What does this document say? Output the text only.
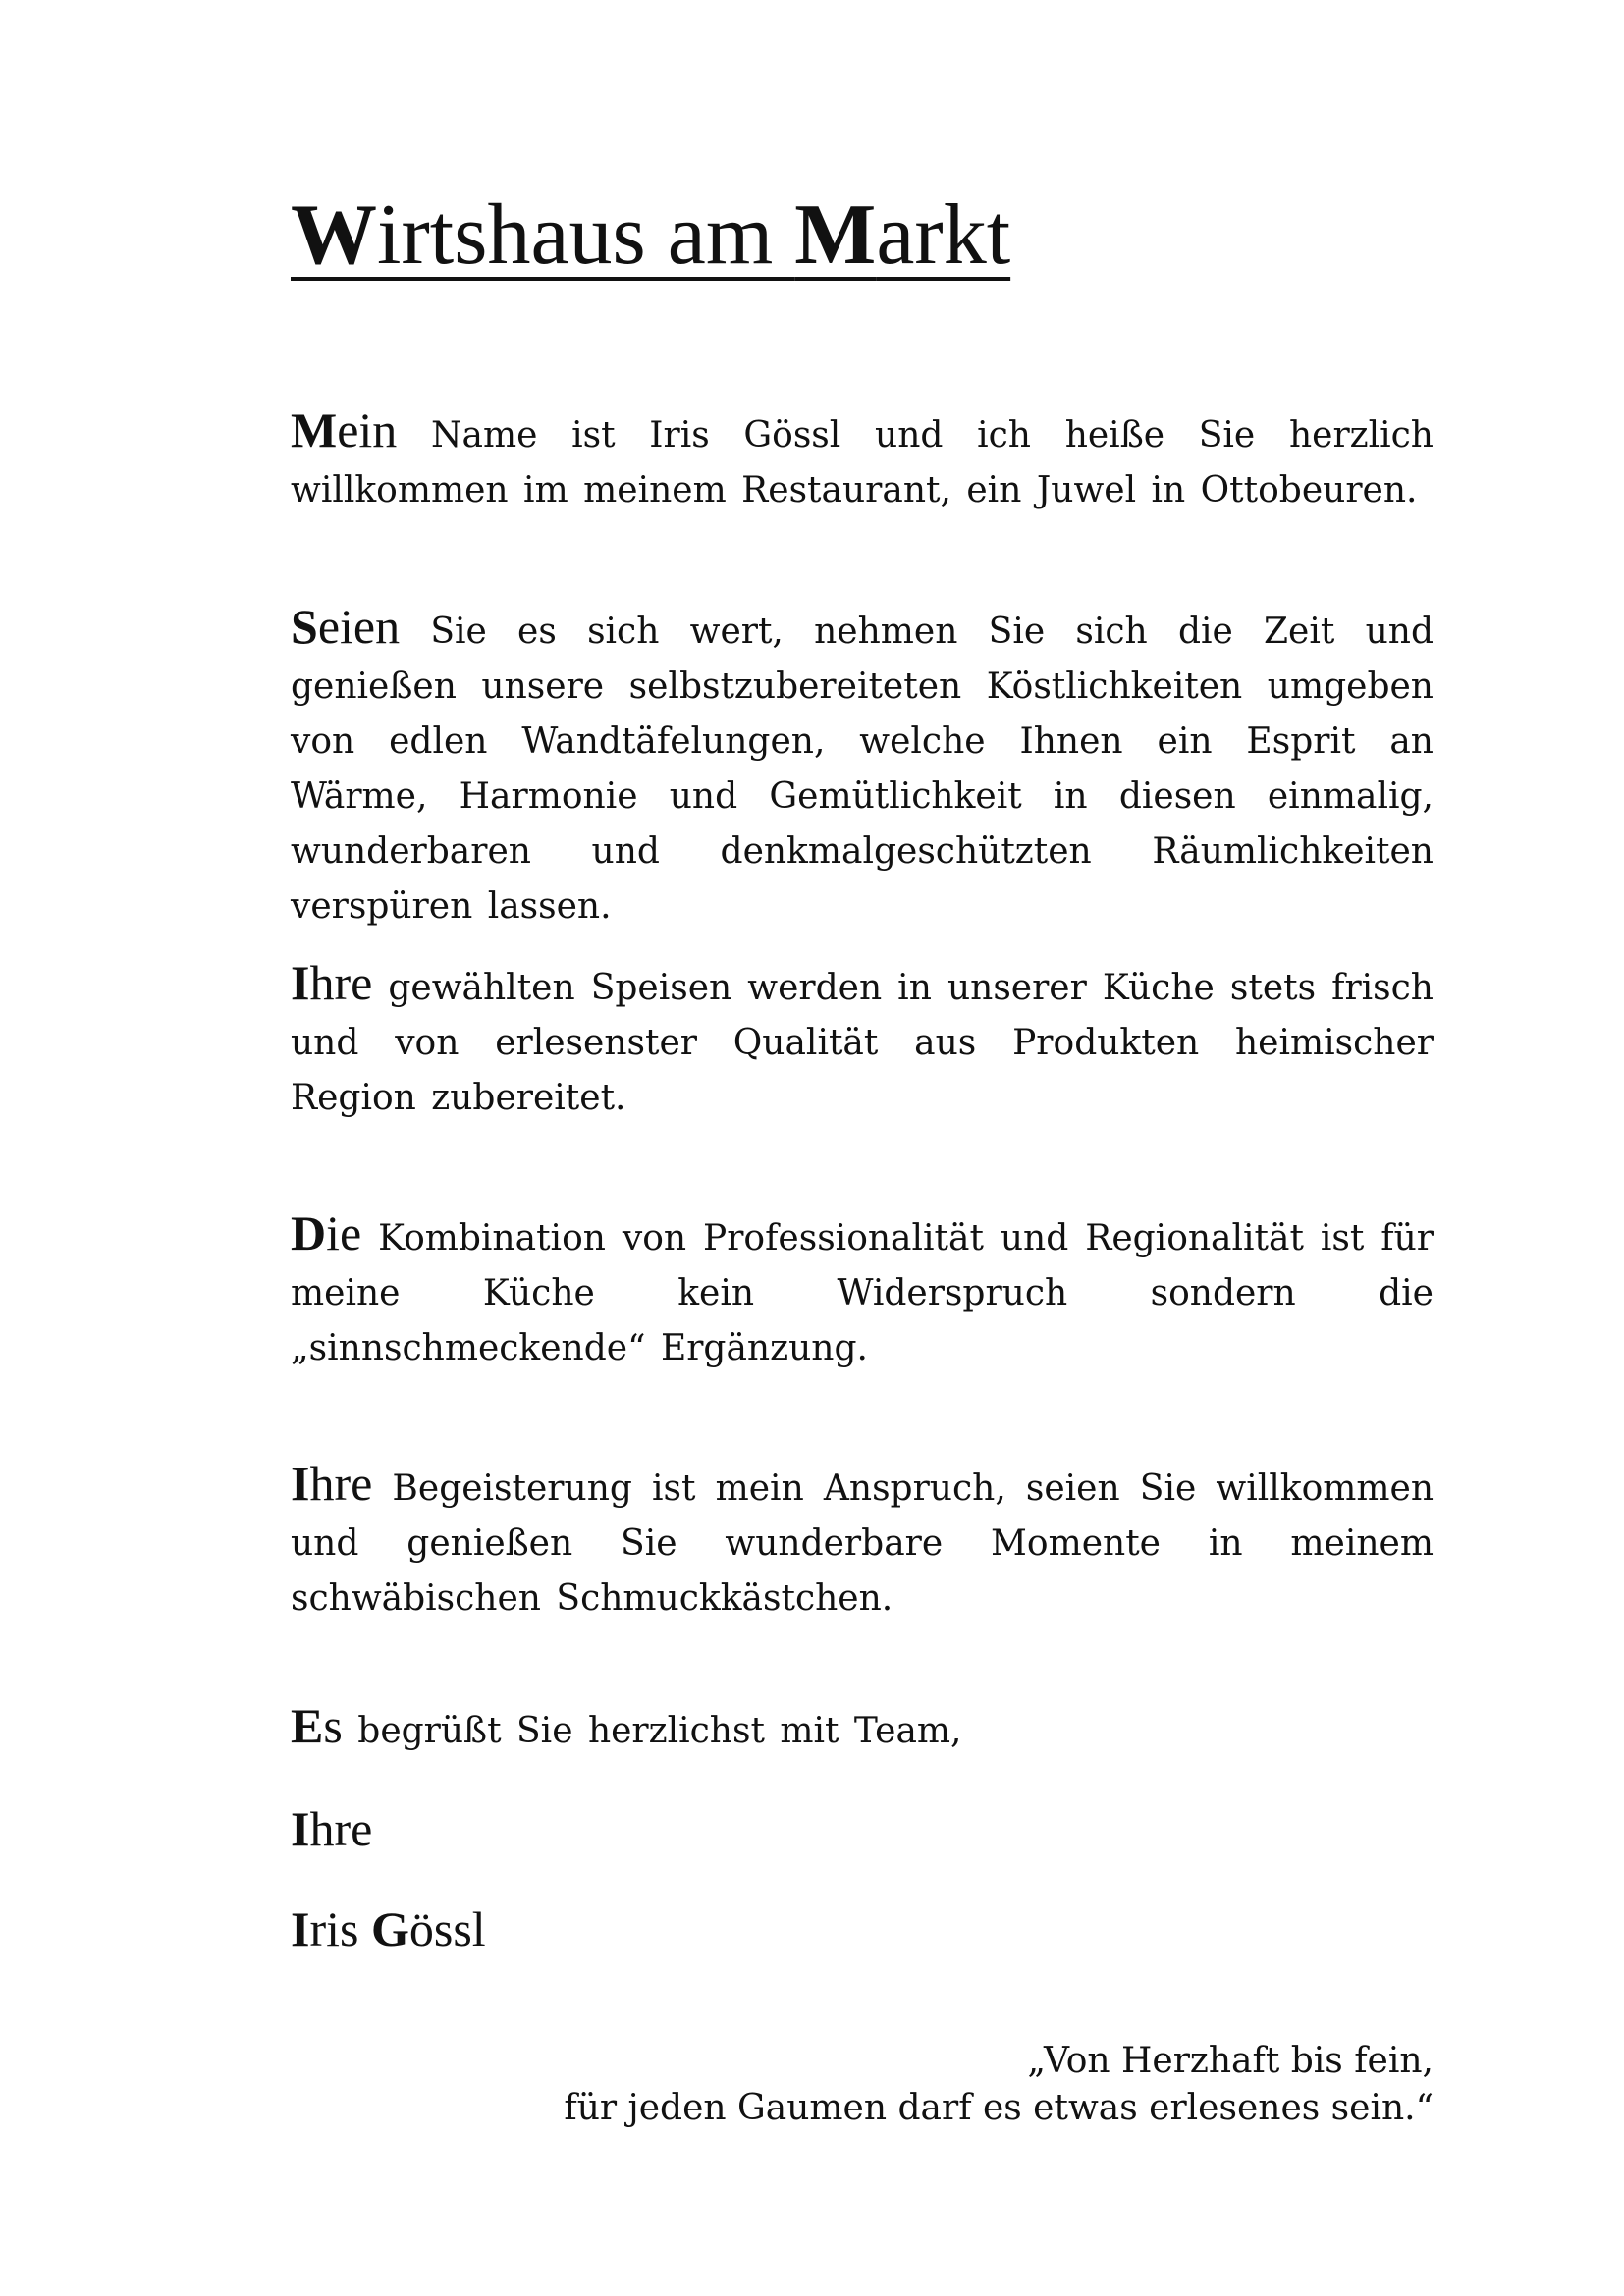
Wirtshaus am Markt

Mein Name ist Iris Gössl und ich heiße Sie herzlich willkommen im meinem Restaurant, ein Juwel in Ottobeuren.

Seien Sie es sich wert, nehmen Sie sich die Zeit und genießen unsere selbstzubereiteten Köstlichkeiten umgeben von edlen Wandtäfelungen, welche Ihnen ein Esprit an Wärme, Harmonie und Gemütlichkeit in diesen einmalig, wunderbaren und denkmalgeschützten Räumlichkeiten verspüren lassen.

Ihre gewählten Speisen werden in unserer Küche stets frisch und von erlesenster Qualität aus Produkten heimischer Region zubereitet.

Die Kombination von Professionalität und Regionalität ist für meine Küche kein Widerspruch sondern die „sinnschmeckende“ Ergänzung.

Ihre Begeisterung ist mein Anspruch, seien Sie willkommen und genießen Sie wunderbare Momente in meinem schwäbischen Schmuckkästchen.

Es begrüßt Sie herzlichst mit Team,

Ihre

Iris Gössl

„Von Herzhaft bis fein,
für jeden Gaumen darf es etwas erlesenes sein.“
